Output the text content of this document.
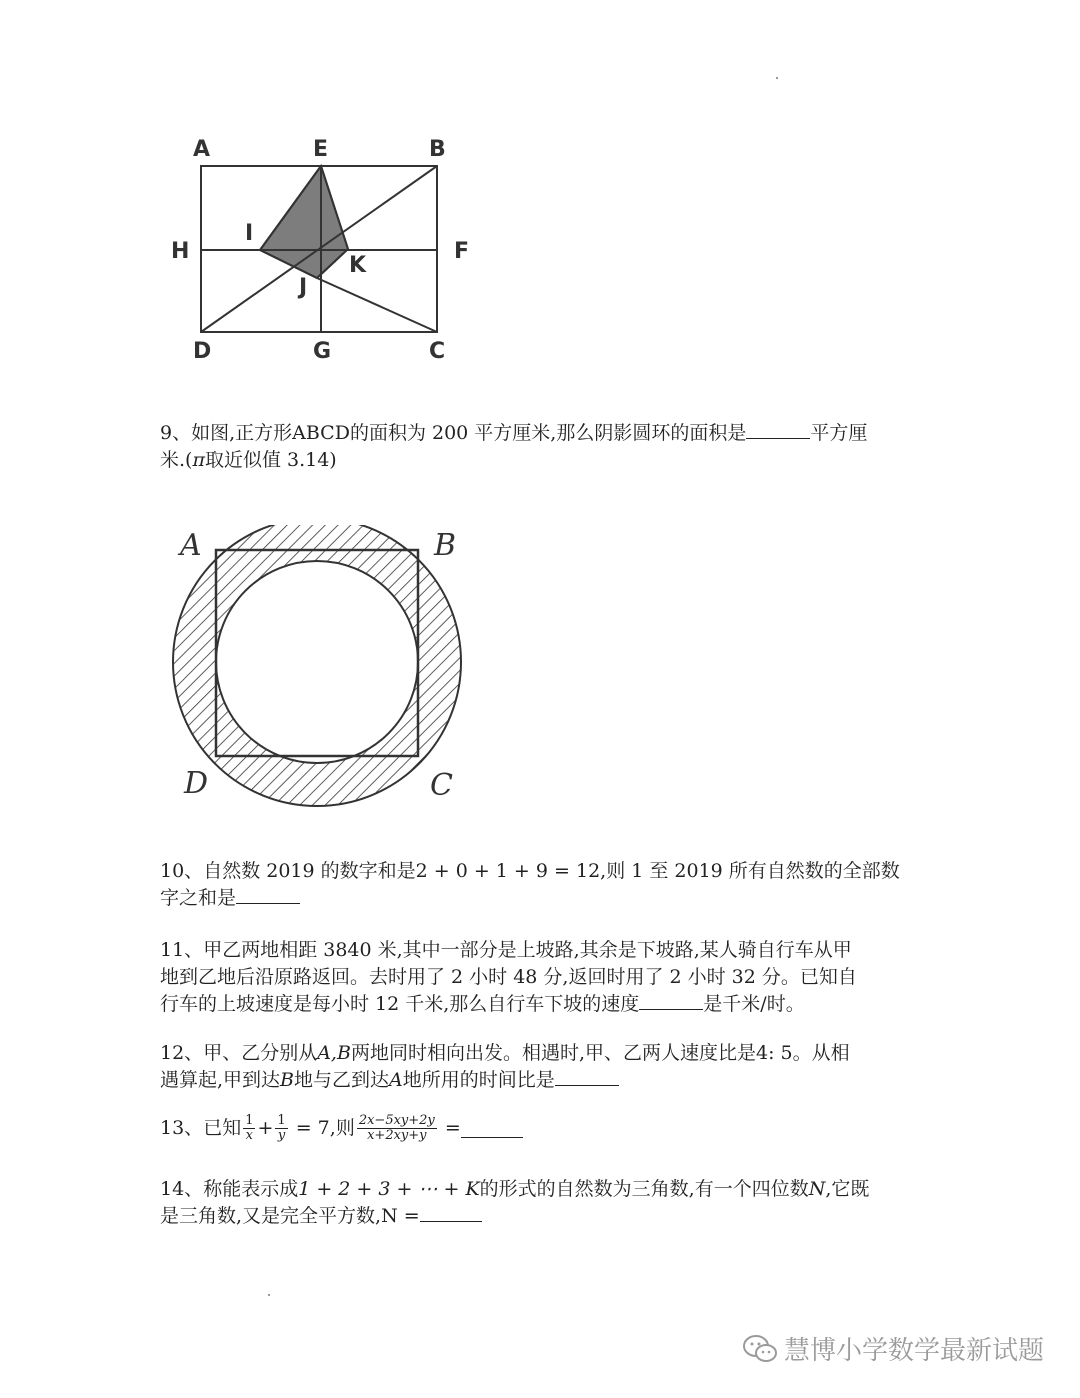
A	E	B
H
I
F
K
J
D	G	C

9、如图,正方形ABCD的面积为 200 平方厘米,那么阴影圆环的面积是	平方厘

米.(π取近似值 3.14)

A	B
D	C

10、自然数 2019 的数字和是2 + 0 + 1 + 9 = 12,则 1 至 2019 所有自然数的全部数

字之和是

11、甲乙两地相距 3840 米,其中一部分是上坡路,其余是下坡路,某人骑自行车从甲

地到乙地后沿原路返回。去时用了 2 小时 48 分,返回时用了 2 小时 32 分。已知自

行车的上坡速度是每小时 12 千米,那么自行车下坡的速度	是千米/时。

12、甲、乙分别从A,B两地同时相向出发。相遇时,甲、乙两人速度比是4: 5。从相

遇算起,甲到达B地与乙到达A地所用的时间比是

13、 已知 $\frac{1}{x} + \frac{1}{y} = 7$ ,则 $\frac{2x-5xy+2y}{x+2xy+y}$ =

14、称能表示成1 + 2 + 3 + ⋯ + K的形式的自然数为三角数,有一个四位数N,它既

是三角数,又是完全平方数,N =

慧博小学数学最新试题
